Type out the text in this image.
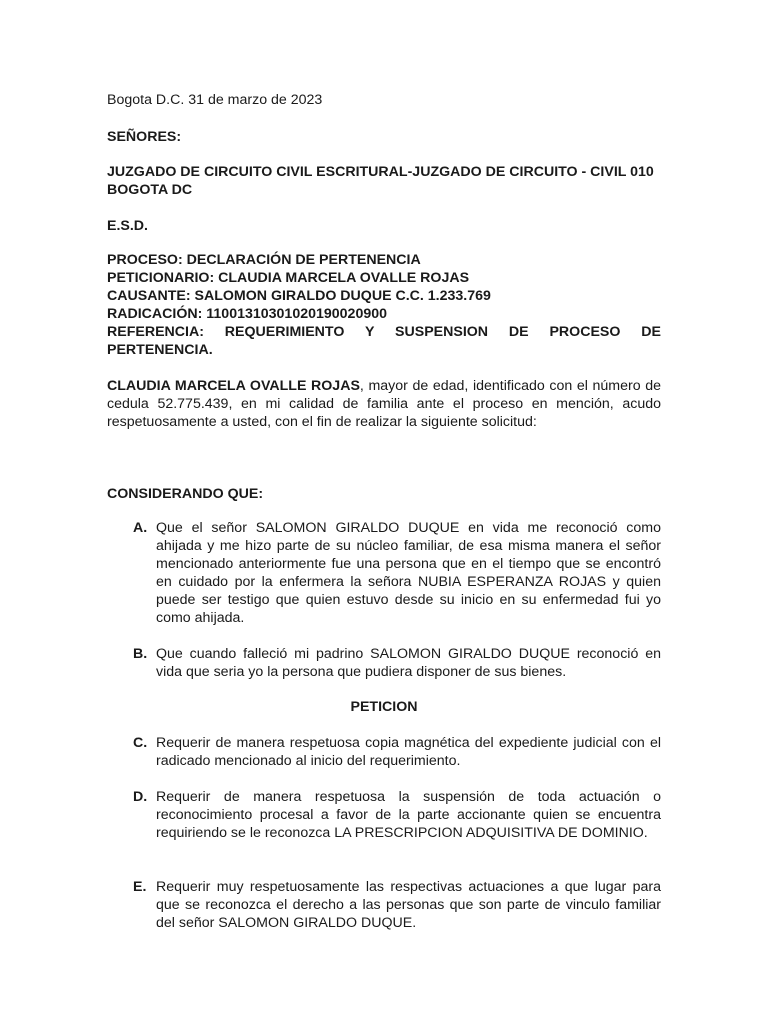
Bogota D.C. 31 de marzo de 2023
SEÑORES:
JUZGADO DE CIRCUITO CIVIL ESCRITURAL-JUZGADO DE CIRCUITO - CIVIL 010 BOGOTA DC
E.S.D.
PROCESO: DECLARACIÓN DE PERTENENCIA
PETICIONARIO: CLAUDIA MARCELA OVALLE ROJAS
CAUSANTE: SALOMON GIRALDO DUQUE C.C. 1.233.769
RADICACIÓN: 11001310301020190020900
REFERENCIA: REQUERIMIENTO Y SUSPENSION DE PROCESO DE PERTENENCIA.
CLAUDIA MARCELA OVALLE ROJAS, mayor de edad, identificado con el número de cedula 52.775.439, en mi calidad de familia ante el proceso en mención, acudo respetuosamente a usted, con el fin de realizar la siguiente solicitud:
CONSIDERANDO QUE:
A. Que el señor SALOMON GIRALDO DUQUE en vida me reconoció como ahijada y me hizo parte de su núcleo familiar, de esa misma manera el señor mencionado anteriormente fue una persona que en el tiempo que se encontró en cuidado por la enfermera la señora NUBIA ESPERANZA ROJAS y quien puede ser testigo que quien estuvo desde su inicio en su enfermedad fui yo como ahijada.
B. Que cuando falleció mi padrino SALOMON GIRALDO DUQUE reconoció en vida que seria yo la persona que pudiera disponer de sus bienes.
PETICION
C. Requerir de manera respetuosa copia magnética del expediente judicial con el radicado mencionado al inicio del requerimiento.
D. Requerir de manera respetuosa la suspensión de toda actuación o reconocimiento procesal a favor de la parte accionante quien se encuentra requiriendo se le reconozca LA PRESCRIPCION ADQUISITIVA DE DOMINIO.
E. Requerir muy respetuosamente las respectivas actuaciones a que lugar para que se reconozca el derecho a las personas que son parte de vinculo familiar del señor SALOMON GIRALDO DUQUE.
